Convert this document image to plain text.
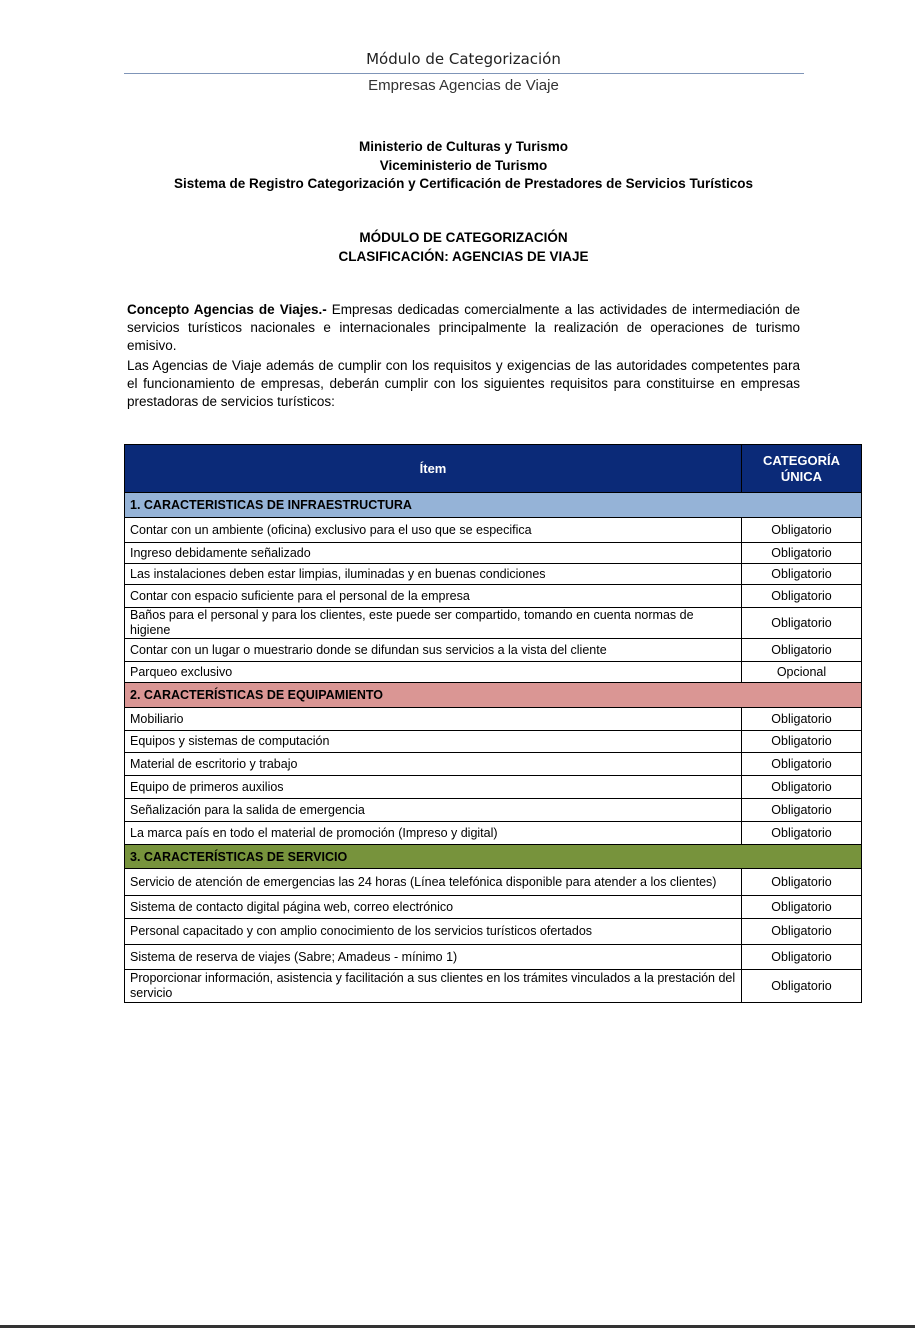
Módulo de Categorización
Empresas Agencias de Viaje
Ministerio de Culturas y Turismo
Viceministerio de Turismo
Sistema de Registro Categorización y Certificación de Prestadores de Servicios Turísticos
MÓDULO DE CATEGORIZACIÓN
CLASIFICACIÓN: AGENCIAS DE VIAJE
Concepto Agencias de Viajes.- Empresas dedicadas comercialmente a las actividades de intermediación de servicios turísticos nacionales e internacionales principalmente la realización de operaciones de turismo emisivo.
Las Agencias de Viaje además de cumplir con los requisitos y exigencias de las autoridades competentes para el funcionamiento de empresas, deberán cumplir con los siguientes requisitos para constituirse en empresas prestadoras de servicios turísticos:
Ítem	CATEGORÍA ÚNICA
1. CARACTERISTICAS DE INFRAESTRUCTURA	
Contar con un ambiente (oficina) exclusivo para el uso que se especifica	Obligatorio
Ingreso debidamente señalizado	Obligatorio
Las instalaciones deben estar limpias, iluminadas y en buenas condiciones	Obligatorio
Contar con espacio suficiente para el personal de la empresa	Obligatorio
Baños para el personal y para los clientes, este puede ser compartido, tomando en cuenta normas de higiene	Obligatorio
Contar con un lugar o muestrario donde se difundan sus servicios a la vista del cliente	Obligatorio
Parqueo exclusivo	Opcional
2. CARACTERÍSTICAS DE EQUIPAMIENTO	
Mobiliario	Obligatorio
Equipos y sistemas de computación	Obligatorio
Material de escritorio y trabajo	Obligatorio
Equipo de primeros auxilios	Obligatorio
Señalización para la salida de emergencia	Obligatorio
La marca país en todo el material de promoción (Impreso y digital)	Obligatorio
3. CARACTERÍSTICAS DE SERVICIO	
Servicio de atención de emergencias las 24 horas (Línea telefónica disponible para atender a los clientes)	Obligatorio
Sistema de contacto digital página web, correo electrónico	Obligatorio
Personal capacitado y con amplio conocimiento de los servicios turísticos ofertados	Obligatorio
Sistema de reserva de viajes (Sabre; Amadeus - mínimo 1)	Obligatorio
Proporcionar información, asistencia y facilitación a sus clientes en los trámites vinculados a la prestación del servicio	Obligatorio
